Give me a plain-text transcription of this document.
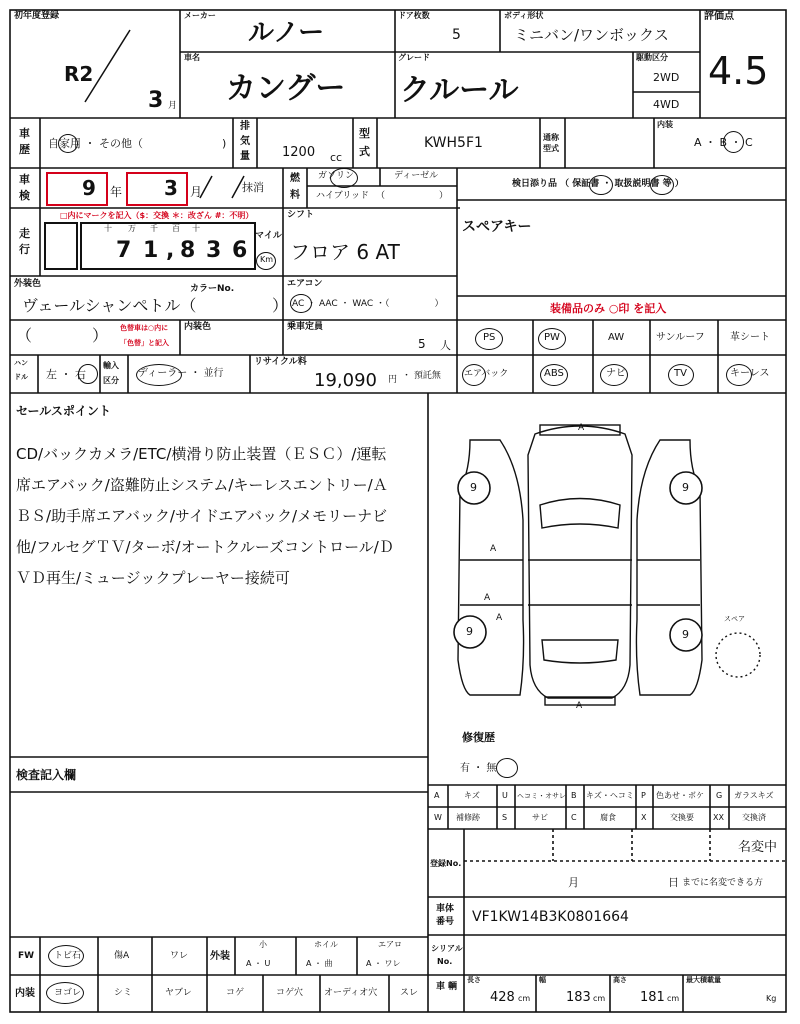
初年度登録
R2
3 月
メーカー
ルノー
ドア枚数
5
ボディ形状
ミニバン/ワンボックス
評価点
4.5
車名
カングー
グレード
クルール
駆動区分
2WD
4WD
車
歴 自家用 ・ その他（	)
排
気
量 1200 cc
型
式
KWH5F1	通称
型式
内装
A ・ B ・ C
車
検	9 年 3 月	抹消
燃
料
ガソリン	ディーゼル
ハイブリッド （　　　　　　）
検日添り品 （ 保証書 ・ 取扱説明書 等 ）
走
行
□内にマークを記入（$：交換 ＊：改ざん #：不明）
十 万 千 百 十
7 1 , 8 3 6
マイル
Km
シフト
フロア 6 AT
スペアキー
外装色
ヴェールシャンペトル（	）
カラーNo.	エアコン
AC ・ AAC ・ WAC ・（　　　　　）	装備品のみ ○印 を記入
（	） 色替車は○内に
「色替」と記入
内装色	乗車定員
5 人
PS	PW	AW	サンルーフ	革シート
エアバック	ABS	ナビ	TV	キーレス
ハン
ドル 左 ・ 右
輸入
区分
ディーラー ・ 並行
リサイクル料
19,090 円 ・ 預託無
セールスポイント
CD/バックカメラ/ETC/横滑り防止装置（ＥＳＣ）/運転
席エアバック/盗難防止システム/キーレスエントリー/Ａ
ＢＳ/助手席エアバック/サイドエアバック/メモリーナビ
他/フルセグＴＶ/ターボ/オートクルーズコントロール/Ｄ
ＶＤ再生/ミュージックプレーヤー接続可
A
A
A
A
A
9	9
9	9
スペア
修復歴
有 ・ 無
検査記入欄
A	キズ	U ヘコミ・オサレ B キズ・ヘコミ P 色あせ・ボケ G ガラスキズ
W 補修跡	S	サビ	C	腐食	X	交換要 XX 交換済
登録No.
名変中
月	日 までに名変できる方
車体
番号 VF1KW14B3K0801664
シリアル
No.
FW トビ石	傷A	ワレ 外装
小
A ・ U
ホイル
A ・ 曲
エアロ
A ・ ワレ
内装 ヨゴレ	シミ	ヤブレ	コゲ	コゲ穴 オーディオ穴	スレ
車 輌
長さ
428 cm
幅
183 cm
高さ
181 cm
最大積載量
Kg
